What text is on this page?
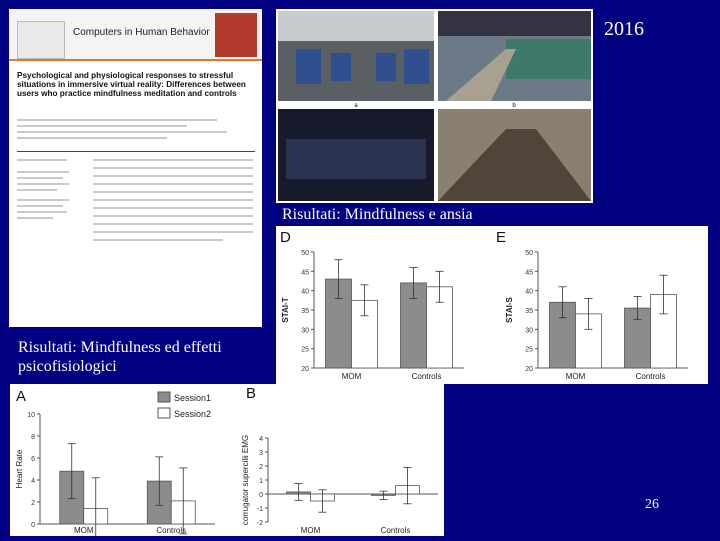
Computers in Human Behavior
Psychological and physiological responses to stressful situations in immersive virtual reality: Differences between users who practice mindfulness meditation and controls
a	b
2016
Risultati: Mindfulness e ansia
Risultati: Mindfulness ed effetti psicofisiologici	20
25
30
35
40
45
50
STAI-T
MOM	Controls
D
20
25
30
35
40
45
50
STAI-S
MOM	Controls
E
Session1
Session2
0
2
4
6
8
10
Heart Rate
MOM	Controls
A
-2
-1
0
1
2
3
4
corrugator supercilii EMG
MOM	Controls
B
26
